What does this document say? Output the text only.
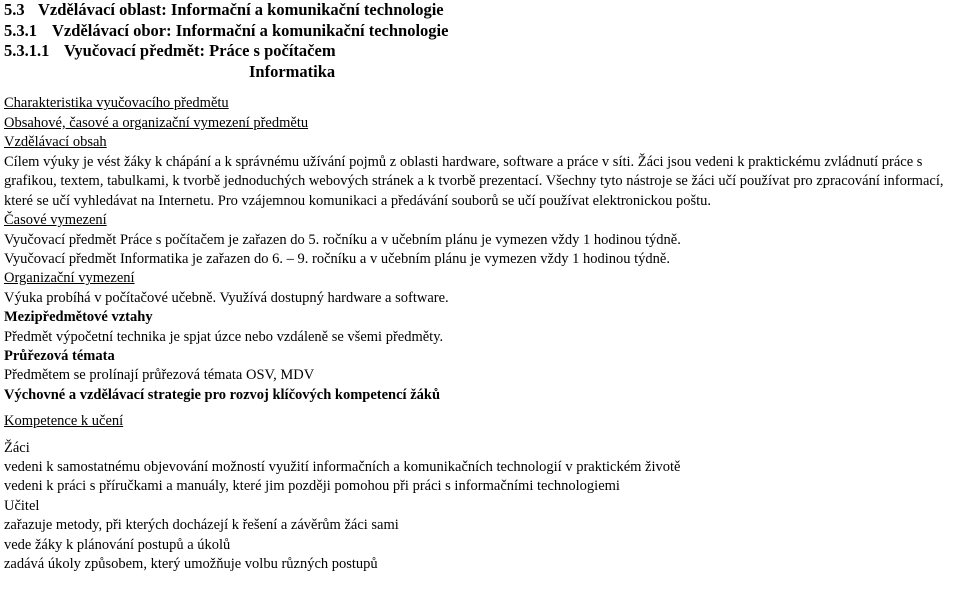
5.3 Vzdělávací oblast: Informační a komunikační technologie
5.3.1 Vzdělávací obor: Informační a komunikační technologie
5.3.1.1 Vyučovací předmět: Práce s počítačem
Informatika
Charakteristika vyučovacího předmětu
Obsahové, časové a organizační vymezení předmětu
Vzdělávací obsah
Cílem výuky je vést žáky k chápání a k správnému užívání pojmů z oblasti hardware, software a práce v síti. Žáci jsou vedeni k praktickému zvládnutí práce s grafikou, textem, tabulkami, k tvorbě jednoduchých webových stránek a k tvorbě prezentací. Všechny tyto nástroje se žáci učí používat pro zpracování informací, které se učí vyhledávat na Internetu. Pro vzájemnou komunikaci a předávání souborů se učí používat elektronickou poštu.
Časové vymezení
Vyučovací předmět Práce s počítačem je zařazen do 5. ročníku a v učebním plánu je vymezen vždy 1 hodinou týdně.
Vyučovací předmět Informatika je zařazen do 6. – 9. ročníku a v učebním plánu je vymezen vždy 1 hodinou týdně.
Organizační vymezení
Výuka probíhá v počítačové učebně. Využívá dostupný hardware a software.
Mezipředmětové vztahy
Předmět výpočetní technika je spjat úzce nebo vzdáleně se všemi předměty.
Průřezová témata
Předmětem se prolínají průřezová témata OSV, MDV
Výchovné a vzdělávací strategie pro rozvoj klíčových kompetencí žáků
Kompetence k učení
Žáci
vedeni k samostatnému objevování možností využití informačních a komunikačních technologií v praktickém životě
vedeni k práci s příručkami a manuály, které jim později pomohou při práci s informačními technologiemi
Učitel
zařazuje metody, při kterých docházejí k řešení a závěrům žáci sami
vede žáky k plánování postupů a úkolů
zadává úkoly způsobem, který umožňuje volbu různých postupů
